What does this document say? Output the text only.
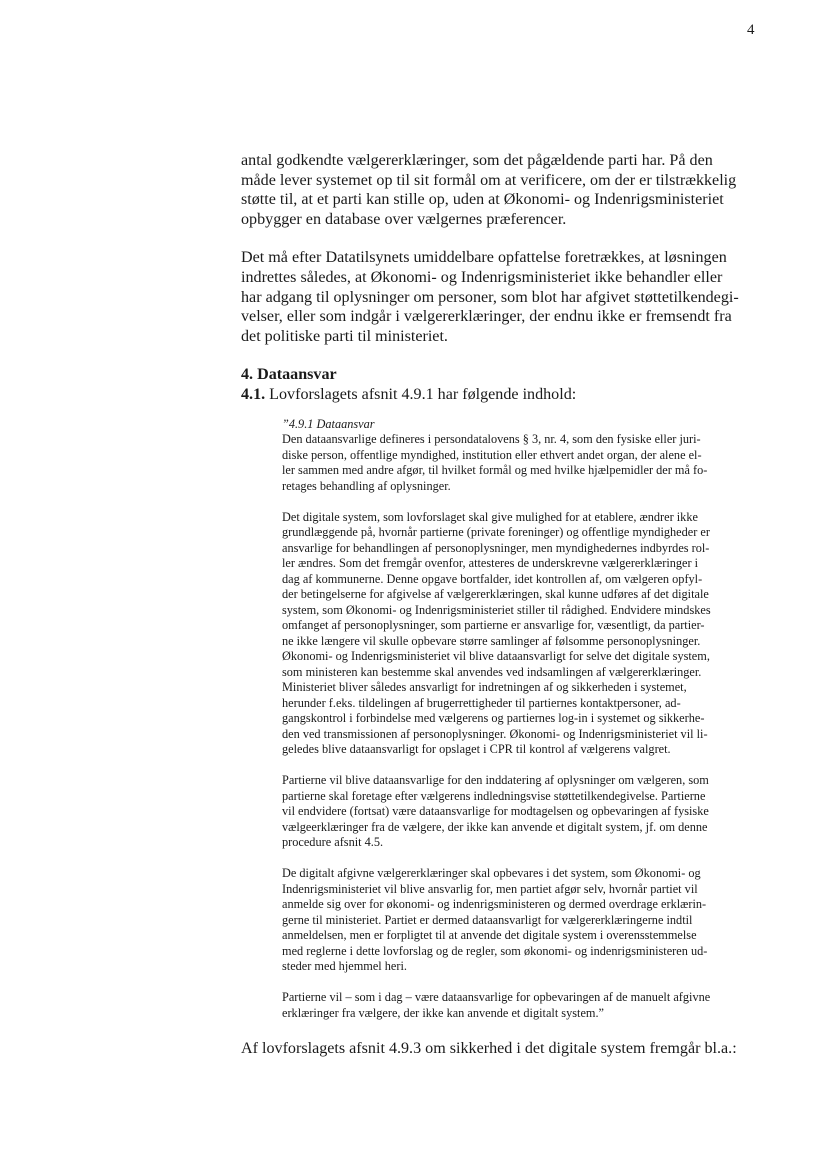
4
antal godkendte vælgererklæringer, som det pågældende parti har. På den
måde lever systemet op til sit formål om at verificere, om der er tilstrækkelig
støtte til, at et parti kan stille op, uden at Økonomi- og Indenrigsministeriet
opbygger en database over vælgernes præferencer.
Det må efter Datatilsynets umiddelbare opfattelse foretrækkes, at løsningen
indrettes således, at Økonomi- og Indenrigsministeriet ikke behandler eller
har adgang til oplysninger om personer, som blot har afgivet støttetilkendegi-
velser, eller som indgår i vælgererklæringer, der endnu ikke er fremsendt fra
det politiske parti til ministeriet.
4. Dataansvar
4.1. Lovforslagets afsnit 4.9.1 har følgende indhold:
”4.9.1 Dataansvar
Den dataansvarlige defineres i persondatalovens § 3, nr. 4, som den fysiske eller juri-
diske person, offentlige myndighed, institution eller ethvert andet organ, der alene el-
ler sammen med andre afgør, til hvilket formål og med hvilke hjælpemidler der må fo-
retages behandling af oplysninger.
Det digitale system, som lovforslaget skal give mulighed for at etablere, ændrer ikke
grundlæggende på, hvornår partierne (private foreninger) og offentlige myndigheder er
ansvarlige for behandlingen af personoplysninger, men myndighedernes indbyrdes rol-
ler ændres. Som det fremgår ovenfor, attesteres de underskrevne vælgererklæringer i
dag af kommunerne. Denne opgave bortfalder, idet kontrollen af, om vælgeren opfyl-
der betingelserne for afgivelse af vælgererklæringen, skal kunne udføres af det digitale
system, som Økonomi- og Indenrigsministeriet stiller til rådighed. Endvidere mindskes
omfanget af personoplysninger, som partierne er ansvarlige for, væsentligt, da partier-
ne ikke længere vil skulle opbevare større samlinger af følsomme personoplysninger.
Økonomi- og Indenrigsministeriet vil blive dataansvarligt for selve det digitale system,
som ministeren kan bestemme skal anvendes ved indsamlingen af vælgererklæringer.
Ministeriet bliver således ansvarligt for indretningen af og sikkerheden i systemet,
herunder f.eks. tildelingen af brugerrettigheder til partiernes kontaktpersoner, ad-
gangskontrol i forbindelse med vælgerens og partiernes log-in i systemet og sikkerhe-
den ved transmissionen af personoplysninger. Økonomi- og Indenrigsministeriet vil li-
geledes blive dataansvarligt for opslaget i CPR til kontrol af vælgerens valgret.
Partierne vil blive dataansvarlige for den inddatering af oplysninger om vælgeren, som
partierne skal foretage efter vælgerens indledningsvise støttetilkendegivelse. Partierne
vil endvidere (fortsat) være dataansvarlige for modtagelsen og opbevaringen af fysiske
vælgeerklæringer fra de vælgere, der ikke kan anvende et digitalt system, jf. om denne
procedure afsnit 4.5.
De digitalt afgivne vælgererklæringer skal opbevares i det system, som Økonomi- og
Indenrigsministeriet vil blive ansvarlig for, men partiet afgør selv, hvornår partiet vil
anmelde sig over for økonomi- og indenrigsministeren og dermed overdrage erklærin-
gerne til ministeriet. Partiet er dermed dataansvarligt for vælgererklæringerne indtil
anmeldelsen, men er forpligtet til at anvende det digitale system i overensstemmelse
med reglerne i dette lovforslag og de regler, som økonomi- og indenrigsministeren ud-
steder med hjemmel heri.
Partierne vil – som i dag – være dataansvarlige for opbevaringen af de manuelt afgivne
erklæringer fra vælgere, der ikke kan anvende et digitalt system.”
Af lovforslagets afsnit 4.9.3 om sikkerhed i det digitale system fremgår bl.a.:
